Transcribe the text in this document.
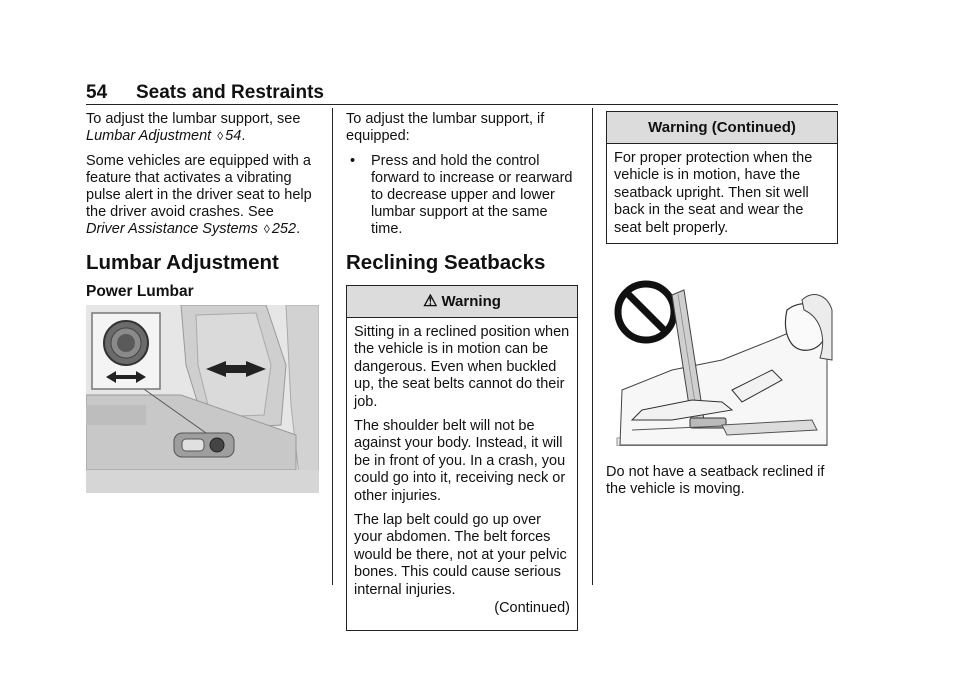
54 Seats and Restraints

To adjust the lumbar support, see Lumbar Adjustment ◊ 54.

Some vehicles are equipped with a feature that activates a vibrating pulse alert in the driver seat to help the driver avoid crashes. See Driver Assistance Systems ◊ 252.

Lumbar Adjustment
Power Lumbar

To adjust the lumbar support, if equipped:

•	Press and hold the control forward to increase or rearward to decrease upper and lower lumbar support at the same time.
Reclining Seatbacks
⚠ Warning

Sitting in a reclined position when the vehicle is in motion can be dangerous. Even when buckled up, the seat belts cannot do their job.

The shoulder belt will not be against your body. Instead, it will be in front of you. In a crash, you could go into it, receiving neck or other injuries.

The lap belt could go up over your abdomen. The belt forces would be there, not at your pelvic bones. This could cause serious internal injuries.

(Continued)

Warning (Continued)

For proper protection when the vehicle is in motion, have the seatback upright. Then sit well back in the seat and wear the seat belt properly.

Do not have a seatback reclined if the vehicle is moving.
